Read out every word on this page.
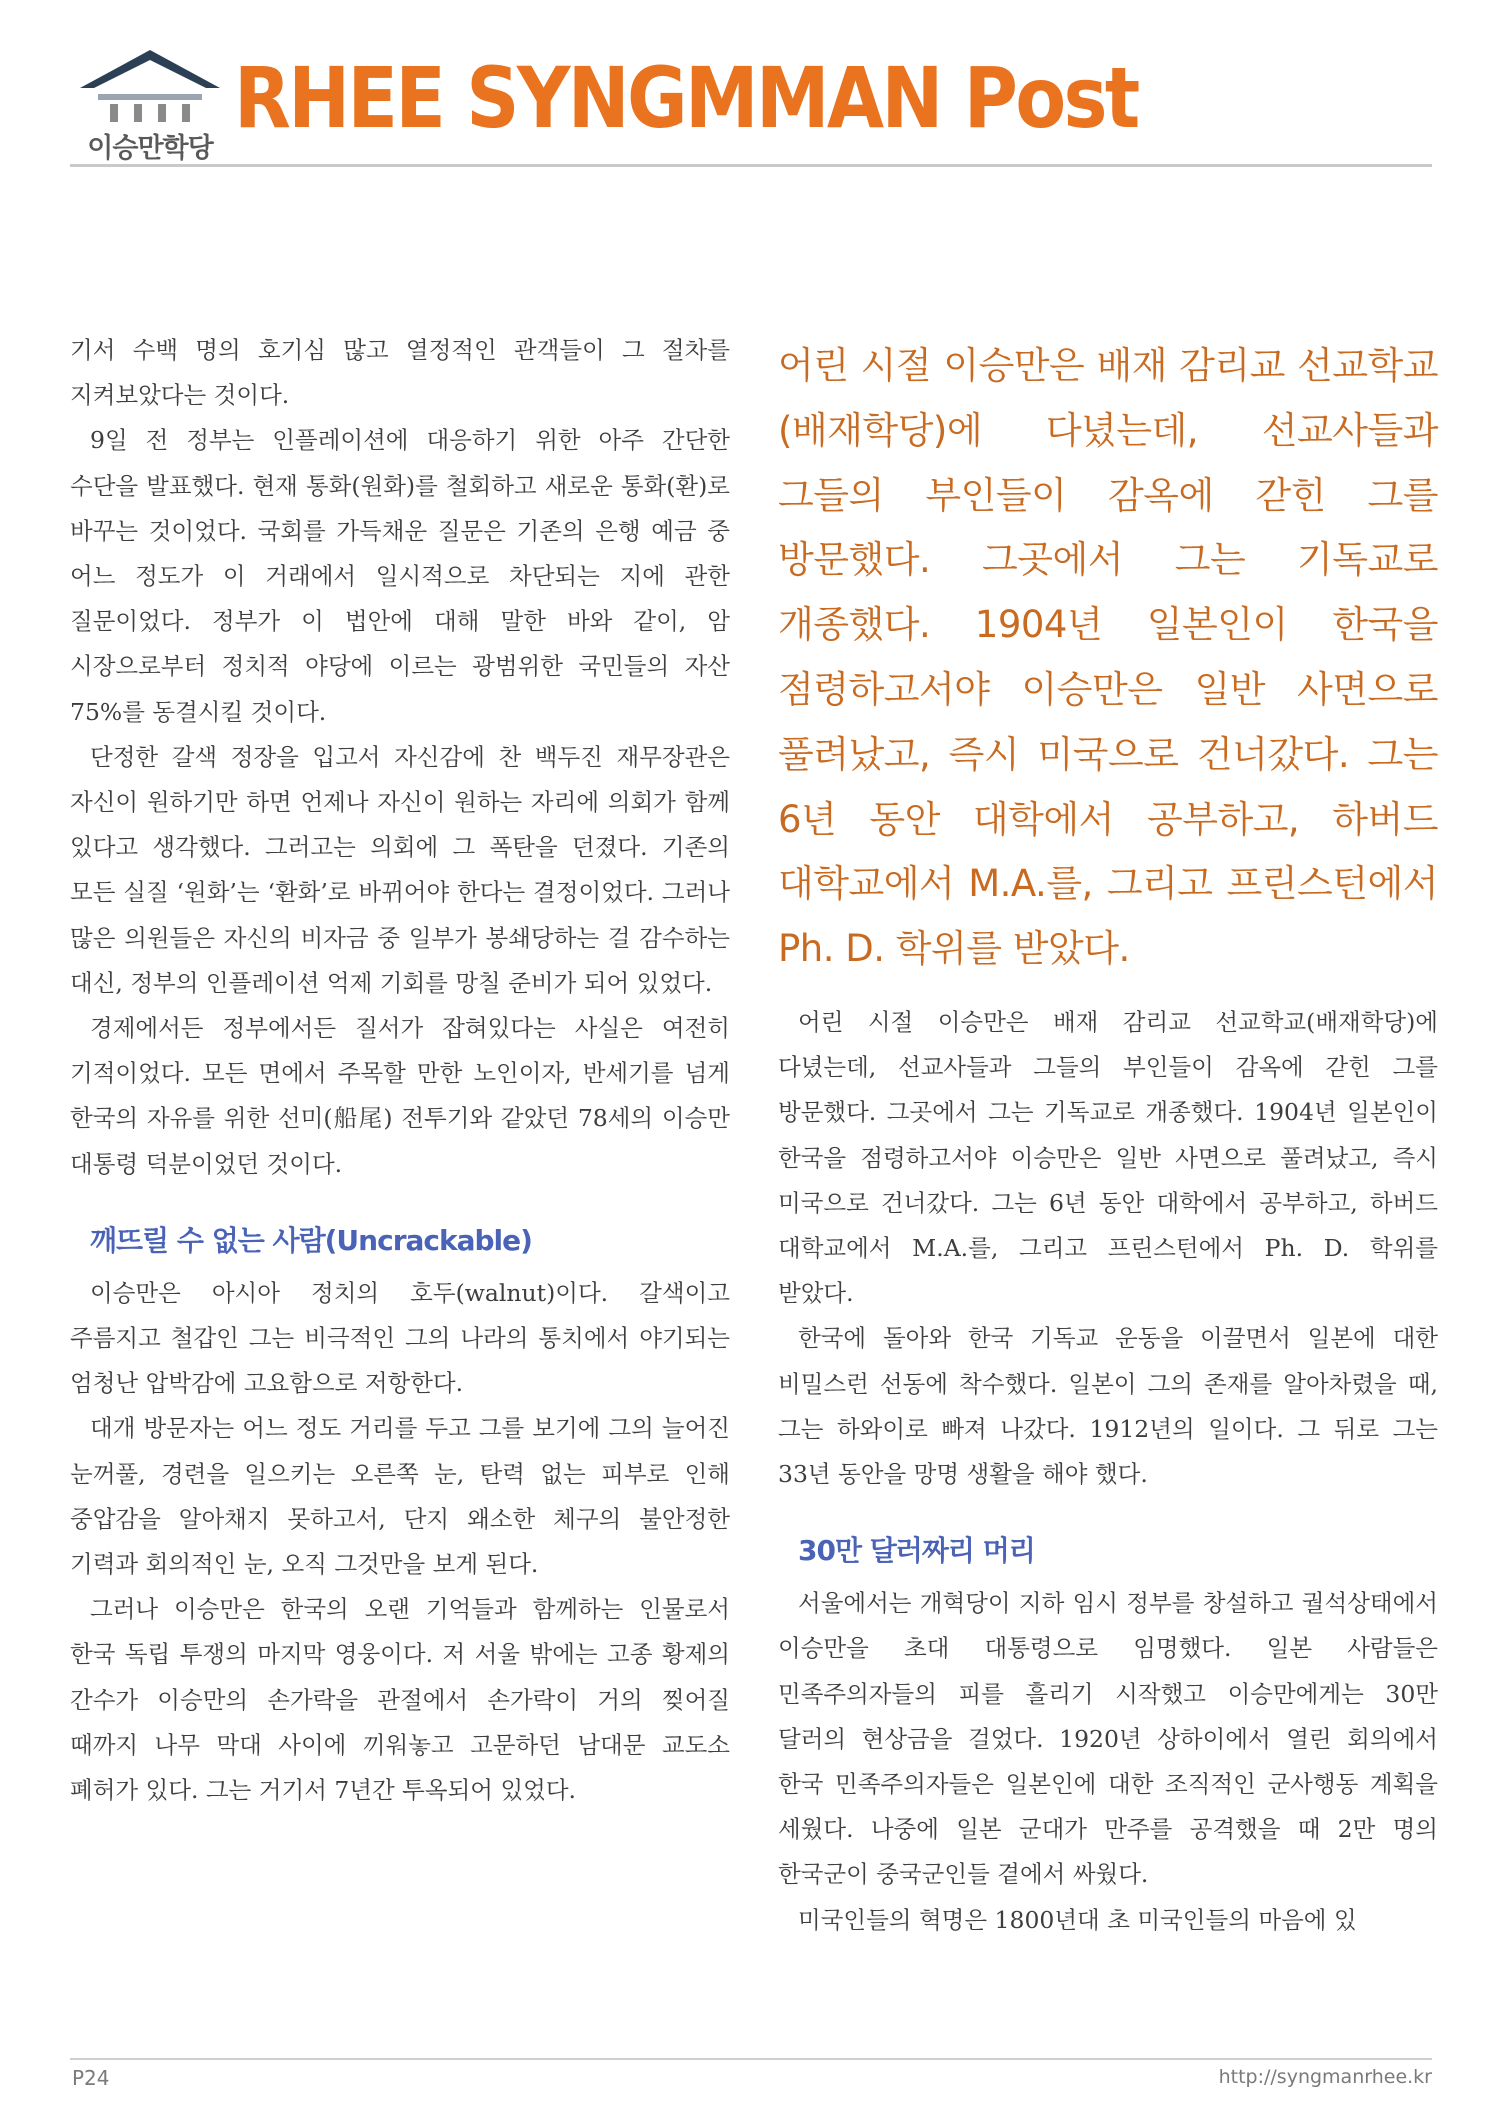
이승만학당
RHEE SYNGMMAN Post

기서 수백 명의 호기심 많고 열정적인 관객들이 그 절차를 지켜보았다는 것이다.

9일 전 정부는 인플레이션에 대응하기 위한 아주 간단한 수단을 발표했다. 현재 통화(원화)를 철회하고 새로운 통화(환)로 바꾸는 것이었다. 국회를 가득채운 질문은 기존의 은행 예금 중 어느 정도가 이 거래에서 일시적으로 차단되는 지에 관한 질문이었다. 정부가 이 법안에 대해 말한 바와 같이, 암 시장으로부터 정치적 야당에 이르는 광범위한 국민들의 자산 75%를 동결시킬 것이다.

단정한 갈색 정장을 입고서 자신감에 찬 백두진 재무장관은 자신이 원하기만 하면 언제나 자신이 원하는 자리에 의회가 함께 있다고 생각했다. 그러고는 의회에 그 폭탄을 던졌다. 기존의 모든 실질 ‘원화’는 ‘환화’로 바뀌어야 한다는 결정이었다. 그러나 많은 의원들은 자신의 비자금 중 일부가 봉쇄당하는 걸 감수하는 대신, 정부의 인플레이션 억제 기회를 망칠 준비가 되어 있었다.

경제에서든 정부에서든 질서가 잡혀있다는 사실은 여전히 기적이었다. 모든 면에서 주목할 만한 노인이자, 반세기를 넘게 한국의 자유를 위한 선미(船尾) 전투기와 같았던 78세의 이승만 대통령 덕분이었던 것이다.

깨뜨릴 수 없는 사람(Uncrackable)

이승만은 아시아 정치의 호두(walnut)이다. 갈색이고 주름지고 철갑인 그는 비극적인 그의 나라의 통치에서 야기되는 엄청난 압박감에 고요함으로 저항한다.

대개 방문자는 어느 정도 거리를 두고 그를 보기에 그의 늘어진 눈꺼풀, 경련을 일으키는 오른쪽 눈, 탄력 없는 피부로 인해 중압감을 알아채지 못하고서, 단지 왜소한 체구의 불안정한 기력과 회의적인 눈, 오직 그것만을 보게 된다.

그러나 이승만은 한국의 오랜 기억들과 함께하는 인물로서 한국 독립 투쟁의 마지막 영웅이다. 저 서울 밖에는 고종 황제의 간수가 이승만의 손가락을 관절에서 손가락이 거의 찢어질 때까지 나무 막대 사이에 끼워놓고 고문하던 남대문 교도소 폐허가 있다. 그는 거기서 7년간 투옥되어 있었다.

어린 시절 이승만은 배재 감리교 선교학교(배재학당)에 다녔는데, 선교사들과 그들의 부인들이 감옥에 갇힌 그를 방문했다. 그곳에서 그는 기독교로 개종했다. 1904년 일본인이 한국을 점령하고서야 이승만은 일반 사면으로 풀려났고, 즉시 미국으로 건너갔다. 그는 6년 동안 대학에서 공부하고, 하버드 대학교에서 M.A.를, 그리고 프린스턴에서 Ph. D. 학위를 받았다.

어린 시절 이승만은 배재 감리교 선교학교(배재학당)에 다녔는데, 선교사들과 그들의 부인들이 감옥에 갇힌 그를 방문했다. 그곳에서 그는 기독교로 개종했다. 1904년 일본인이 한국을 점령하고서야 이승만은 일반 사면으로 풀려났고, 즉시 미국으로 건너갔다. 그는 6년 동안 대학에서 공부하고, 하버드 대학교에서 M.A.를, 그리고 프린스턴에서 Ph. D. 학위를 받았다.

한국에 돌아와 한국 기독교 운동을 이끌면서 일본에 대한 비밀스런 선동에 착수했다. 일본이 그의 존재를 알아차렸을 때, 그는 하와이로 빠져 나갔다. 1912년의 일이다. 그 뒤로 그는 33년 동안을 망명 생활을 해야 했다.

30만 달러짜리 머리

서울에서는 개혁당이 지하 임시 정부를 창설하고 궐석상태에서 이승만을 초대 대통령으로 임명했다. 일본 사람들은 민족주의자들의 피를 흘리기 시작했고 이승만에게는 30만 달러의 현상금을 걸었다. 1920년 상하이에서 열린 회의에서 한국 민족주의자들은 일본인에 대한 조직적인 군사행동 계획을 세웠다. 나중에 일본 군대가 만주를 공격했을 때 2만 명의 한국군이 중국군인들 곁에서 싸웠다.

미국인들의 혁명은 1800년대 초 미국인들의 마음에 있

P24	http://syngmanrhee.kr
